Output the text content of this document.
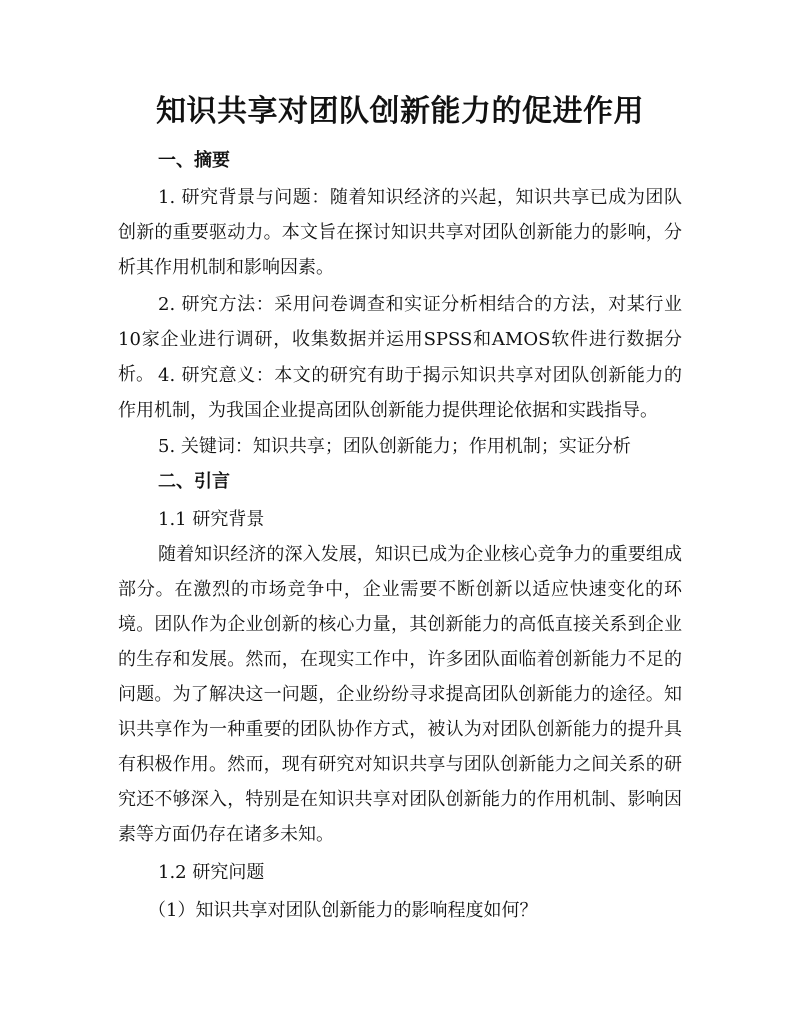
知识共享对团队创新能力的促进作用
一、摘要
1. 研究背景与问题：随着知识经济的兴起，知识共享已成为团队创新的重要驱动力。本文旨在探讨知识共享对团队创新能力的影响，分析其作用机制和影响因素。
2. 研究方法：采用问卷调查和实证分析相结合的方法，对某行业10家企业进行调研，收集数据并运用SPSS和AMOS软件进行数据分析。 4. 研究意义：本文的研究有助于揭示知识共享对团队创新能力的作用机制，为我国企业提高团队创新能力提供理论依据和实践指导。
5. 关键词：知识共享；团队创新能力；作用机制；实证分析
二、引言
1.1 研究背景
随着知识经济的深入发展，知识已成为企业核心竞争力的重要组成部分。在激烈的市场竞争中，企业需要不断创新以适应快速变化的环境。团队作为企业创新的核心力量，其创新能力的高低直接关系到企业的生存和发展。然而，在现实工作中，许多团队面临着创新能力不足的问题。为了解决这一问题，企业纷纷寻求提高团队创新能力的途径。知识共享作为一种重要的团队协作方式，被认为对团队创新能力的提升具有积极作用。然而，现有研究对知识共享与团队创新能力之间关系的研究还不够深入，特别是在知识共享对团队创新能力的作用机制、影响因素等方面仍存在诸多未知。
1.2 研究问题
（1）知识共享对团队创新能力的影响程度如何？
